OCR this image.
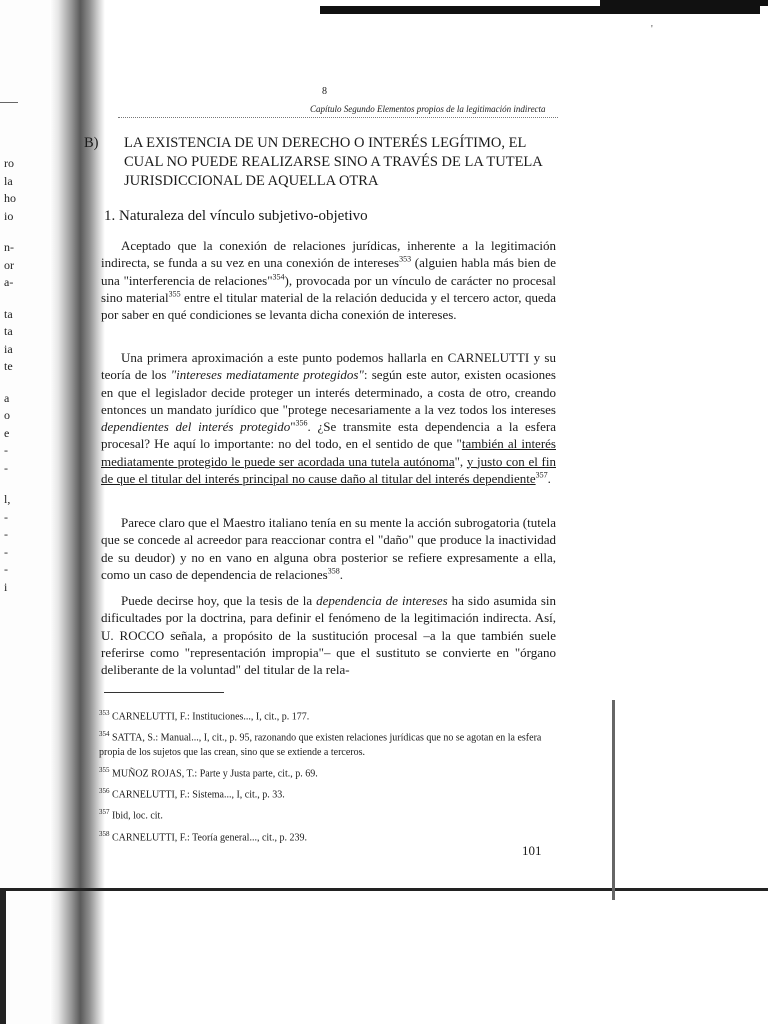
'
ro
la
ho
io
n-
or
a-
ta
ta
ia
te
a
o
e
-
-
l,
-
-
-
-
i
8
Capítulo Segundo Elementos propios de la legitimación indirecta
B) LA EXISTENCIA DE UN DERECHO O INTERÉS LEGÍTIMO, EL CUAL NO PUEDE REALIZARSE SINO A TRAVÉS DE LA TUTELA JURISDICCIONAL DE AQUELLA OTRA
1. Naturaleza del vínculo subjetivo-objetivo

Aceptado que la conexión de relaciones jurídicas, inherente a la legitimación indirecta, se funda a su vez en una conexión de intereses$^{353}$ (alguien habla más bien de una "interferencia de relaciones"$^{354}$), provocada por un vínculo de carácter no procesal sino material$^{355}$ entre el titular material de la relación deducida y el tercero actor, queda por saber en qué condiciones se levanta dicha conexión de intereses.

Una primera aproximación a este punto podemos hallarla en CARNELUTTI y su teoría de los "intereses mediatamente protegidos": según este autor, existen ocasiones en que el legislador decide proteger un interés determinado, a costa de otro, creando entonces un mandato jurídico que "protege necesariamente a la vez todos los intereses dependientes del interés protegido"$^{356}$. ¿Se transmite esta dependencia a la esfera procesal? He aquí lo importante: no del todo, en el sentido de que "también al interés mediatamente protegido le puede ser acordada una tutela autónoma", y justo con el fin de que el titular del interés principal no cause daño al titular del interés dependiente$^{357}$.

Parece claro que el Maestro italiano tenía en su mente la acción subrogatoria (tutela que se concede al acreedor para reaccionar contra el "daño" que produce la inactividad de su deudor) y no en vano en alguna obra posterior se refiere expresamente a ella, como un caso de dependencia de relaciones$^{358}$.

Puede decirse hoy, que la tesis de la dependencia de intereses ha sido asumida sin dificultades por la doctrina, para definir el fenómeno de la legitimación indirecta. Así, U. ROCCO señala, a propósito de la sustitución procesal –a la que también suele referirse como "representación impropia"– que el sustituto se convierte en "órgano deliberante de la voluntad" del titular de la rela-

$^{353}$ CARNELUTTI, F.: Instituciones..., I, cit., p. 177.
$^{354}$ SATTA, S.: Manual..., I, cit., p. 95, razonando que existen relaciones jurídicas que no se agotan en la esfera propia de los sujetos que las crean, sino que se extiende a terceros.
$^{355}$ MUÑOZ ROJAS, T.: Parte y Justa parte, cit., p. 69.
$^{356}$ CARNELUTTI, F.: Sistema..., I, cit., p. 33.
$^{357}$ Ibid, loc. cit.
$^{358}$ CARNELUTTI, F.: Teoría general..., cit., p. 239.
101
